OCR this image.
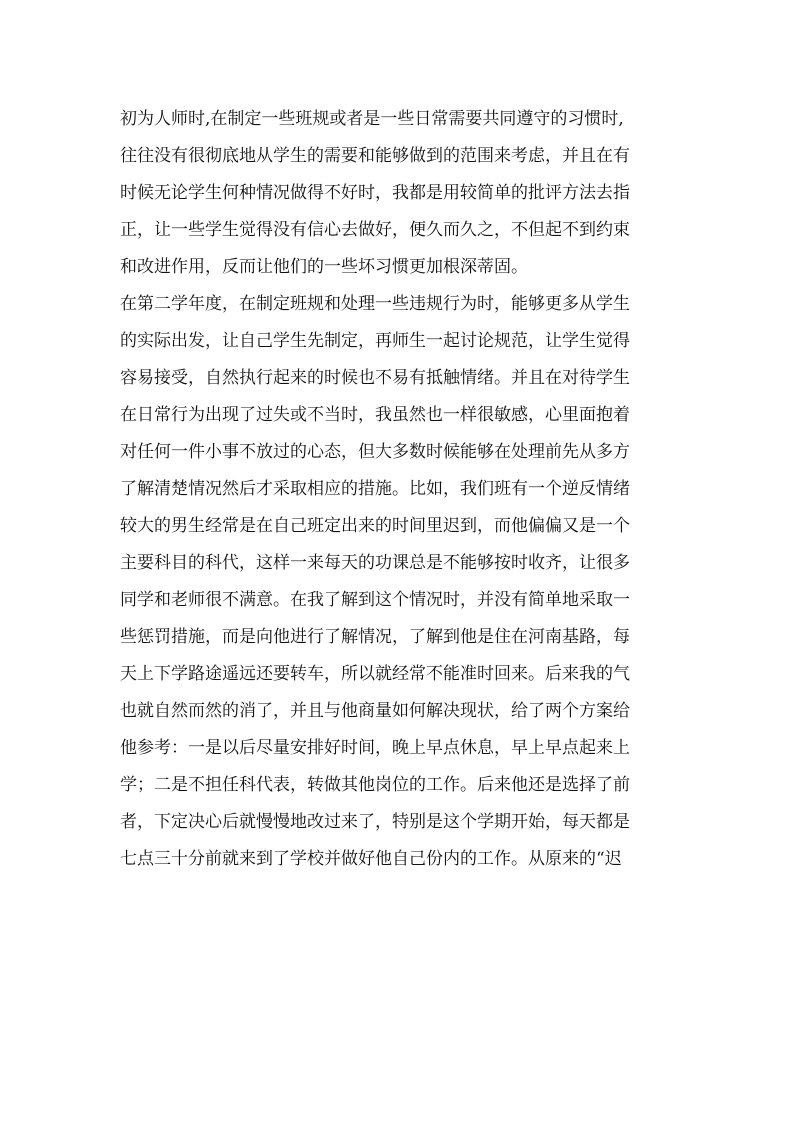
初为人师时,在制定一些班规或者是一些日常需要共同遵守的习惯时,
往往没有很彻底地从学生的需要和能够做到的范围来考虑，并且在有
时候无论学生何种情况做得不好时，我都是用较简单的批评方法去指
正，让一些学生觉得没有信心去做好，便久而久之，不但起不到约束
和改进作用，反而让他们的一些坏习惯更加根深蒂固。
在第二学年度，在制定班规和处理一些违规行为时，能够更多从学生
的实际出发，让自己学生先制定，再师生一起讨论规范，让学生觉得
容易接受，自然执行起来的时候也不易有抵触情绪。并且在对待学生
在日常行为出现了过失或不当时，我虽然也一样很敏感，心里面抱着
对任何一件小事不放过的心态，但大多数时候能够在处理前先从多方
了解清楚情况然后才采取相应的措施。比如，我们班有一个逆反情绪
较大的男生经常是在自己班定出来的时间里迟到，而他偏偏又是一个
主要科目的科代，这样一来每天的功课总是不能够按时收齐，让很多
同学和老师很不满意。在我了解到这个情况时，并没有简单地采取一
些惩罚措施，而是向他进行了解情况，了解到他是住在河南基路，每
天上下学路途遥远还要转车，所以就经常不能准时回来。后来我的气
也就自然而然的消了，并且与他商量如何解决现状，给了两个方案给
他参考：一是以后尽量安排好时间，晚上早点休息，早上早点起来上
学；二是不担任科代表，转做其他岗位的工作。后来他还是选择了前
者，下定决心后就慢慢地改过来了，特别是这个学期开始，每天都是
七点三十分前就来到了学校并做好他自己份内的工作。从原来的“迟
